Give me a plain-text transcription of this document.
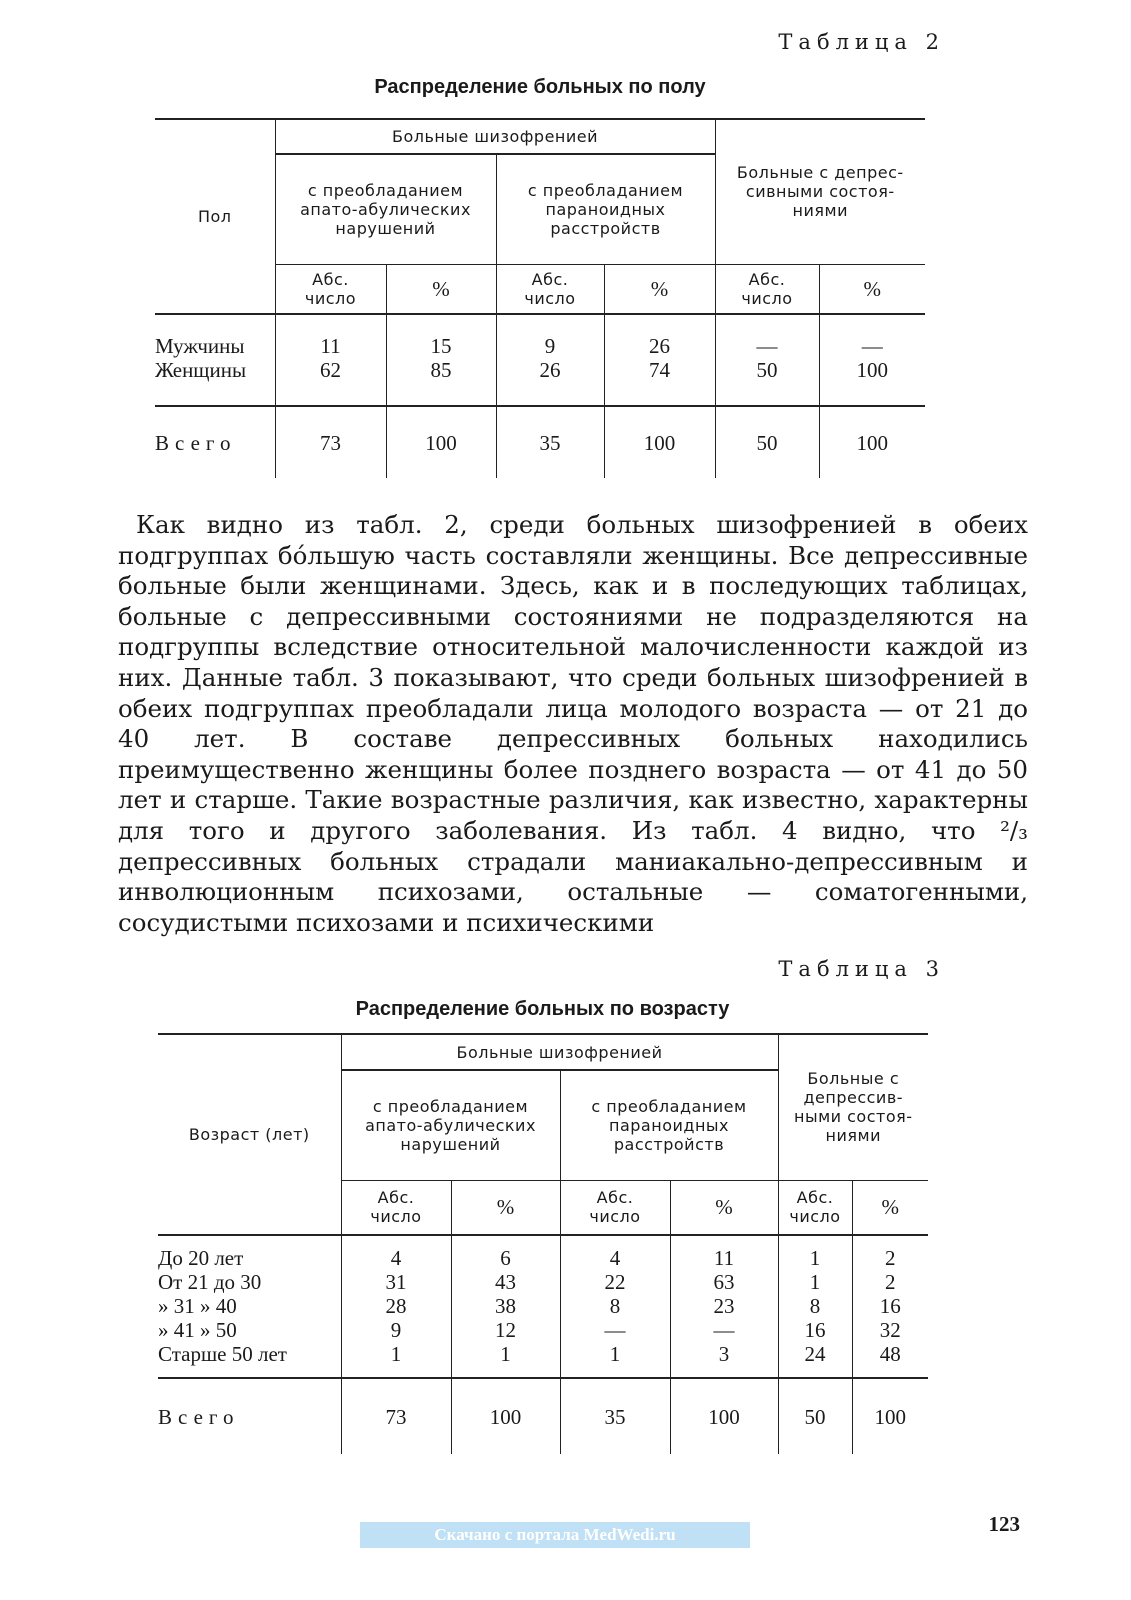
Таблица 2
Распределение больных по полу
Пол	Больные шизофренией				Больные с депрес-
сивными состоя-
ниями	
	с преобладанием
апато-абулических
нарушений		с преобладанием
параноидных
расстройств			
	Абс.
число	%	Абс.
число	%	Абс.
число	%
Мужчины	11	15	9	26	—	—
Женщины	62	85	26	74	50	100
Всего	73	100	35	100	50	100
Как видно из табл. 2, среди больных шизофренией в обеих подгруппах бо́льшую часть составляли женщины. Все депрессивные больные были женщинами. Здесь, как и в последующих таблицах, больные с депрессивными состояниями не подразделяются на подгруппы вследствие относительной малочисленности каждой из них. Данные табл. 3 показывают, что среди больных шизофренией в обеих подгруппах преобладали лица молодого возраста — от 21 до 40 лет. В составе депрессивных больных находились преимущественно женщины более позднего возраста — от 41 до 50 лет и старше. Такие возрастные различия, как известно, характерны для того и другого заболевания. Из табл. 4 видно, что ²/₃ депрессивных больных страдали маниакально-депрессивным и инволюционным психозами, остальные — соматогенными, сосудистыми психозами и психическими
Таблица 3
Распределение больных по возрасту
Возраст (лет)	Больные шизофренией				Больные с
депрессив-
ными состоя-
ниями	
	с преобладанием
апато-абулических
нарушений		с преобладанием
параноидных
расстройств			
	Абс.
число	%	Абс.
число	%	Абс.
число	%
До 20 лет	4	6	4	11	1	2
От 21 до 30	31	43	22	63	1	2
» 31 » 40	28	38	8	23	8	16
» 41 » 50	9	12	—	—	16	32
Старше 50 лет	1	1	1	3	24	48
Всего	73	100	35	100	50	100
Скачано с портала MedWedi.ru	123
